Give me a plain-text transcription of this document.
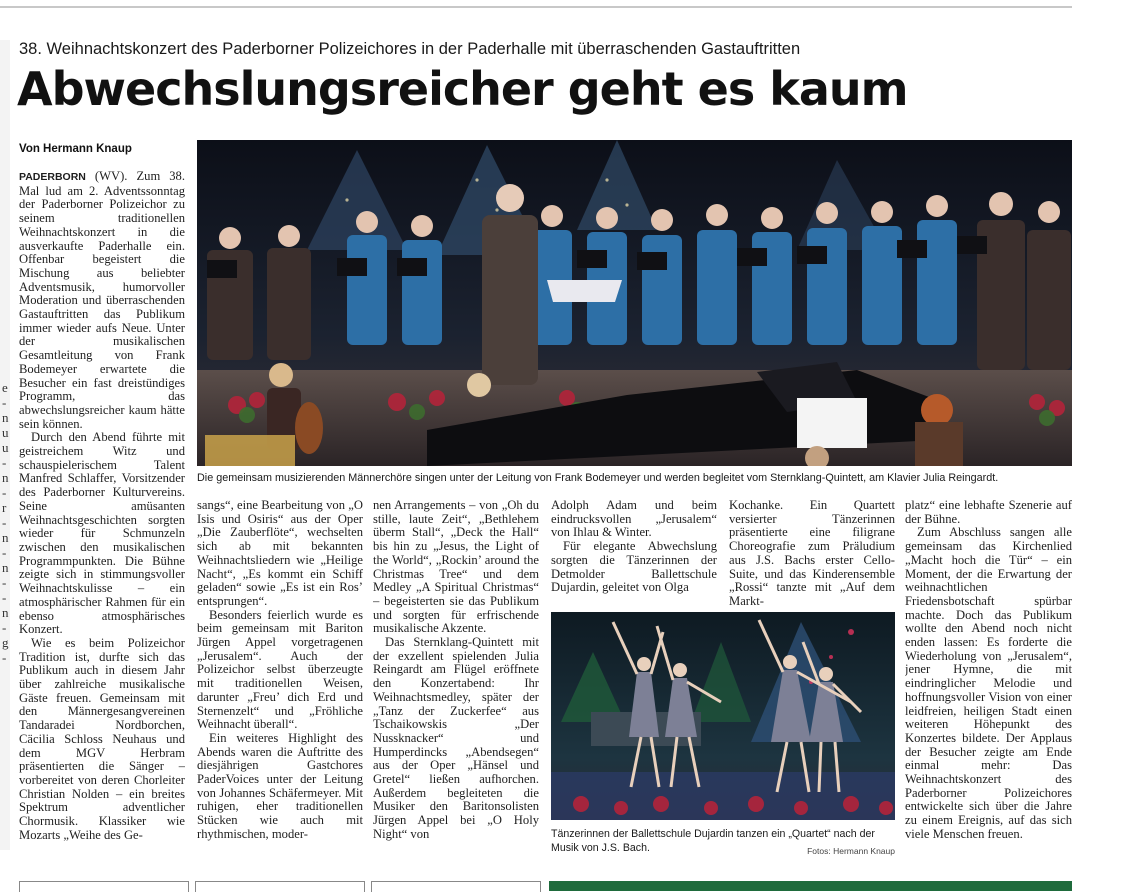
e-nuu-n-r-n-n--n-g-
38. Weihnachtskonzert des Paderborner Polizeichores in der Paderhalle mit überraschenden Gastauftritten
Abwechslungsreicher geht es kaum
Von Hermann Knaup

PADERBORN (WV). Zum 38. Mal lud am 2. Adventssonntag der Paderborner Polizeichor zu seinem traditionellen Weihnachtskonzert in die ausverkaufte Paderhalle ein. Offenbar begeistert die Mischung aus beliebter Adventsmusik, humorvoller Moderation und überraschenden Gastauftritten das Publikum immer wieder aufs Neue. Unter der musikalischen Gesamtleitung von Frank Bodemeyer erwartete die Besucher ein fast dreistündiges Programm, das abwechslungsreicher kaum hätte sein können.

Durch den Abend führte mit geistreichem Witz und schauspielerischem Talent Manfred Schlaffer, Vorsitzender des Paderborner Kulturvereins. Seine amüsanten Weihnachtsgeschichten sorgten wieder für Schmunzeln zwischen den musikalischen Programmpunkten. Die Bühne zeigte sich in stimmungsvoller Weihnachtskulisse – ein atmosphärischer Rahmen für ein ebenso atmosphärisches Konzert.

Wie es beim Polizeichor Tradition ist, durfte sich das Publikum auch in diesem Jahr über zahlreiche musikalische Gäste freuen. Gemeinsam mit den Männergesangvereinen Tandaradei Nordborchen, Cäcilia Schloss Neuhaus und dem MGV Herbram präsentierten die Sänger – vorbereitet von deren Chorleiter Christian Nolden – ein breites Spektrum adventlicher Chormusik. Klassiker wie Mozarts „Weihe des Ge-

Die gemeinsam musizierenden Männerchöre singen unter der Leitung von Frank Bodemeyer und werden begleitet vom Sternklang-Quintett, am Klavier Julia Reingardt.

sangs“, eine Bearbeitung von „O Isis und Osiris“ aus der Oper „Die Zauberflöte“, wechselten sich ab mit bekannten Weihnachtsliedern wie „Heilige Nacht“, „Es kommt ein Schiff geladen“ sowie „Es ist ein Ros’ entsprungen“.

Besonders feierlich wurde es beim gemeinsam mit Bariton Jürgen Appel vorgetragenen „Jerusalem“. Auch der Polizeichor selbst überzeugte mit traditionellen Weisen, darunter „Freu’ dich Erd und Sternenzelt“ und „Fröhliche Weihnacht überall“.

Ein weiteres Highlight des Abends waren die Auftritte des diesjährigen Gastchores PaderVoices unter der Leitung von Johannes Schäfermeyer. Mit ruhigen, eher traditionellen Stücken wie auch mit rhythmischen, moder-

nen Arrangements – von „Oh du stille, laute Zeit“, „Bethlehem überm Stall“, „Deck the Hall“ bis hin zu „Jesus, the Light of the World“, „Rockin’ around the Christmas Tree“ und dem Medley „A Spiritual Christmas“ – begeisterten sie das Publikum und sorgten für erfrischende musikalische Akzente.

Das Sternklang-Quintett mit der exzellent spielenden Julia Reingardt am Flügel eröffnete den Konzertabend: Ihr Weihnachtsmedley, später der „Tanz der Zuckerfee“ aus Tschaikowskis „Der Nussknacker“ und Humperdincks „Abendsegen“ aus der Oper „Hänsel und Gretel“ ließen aufhorchen. Außerdem begleiteten die Musiker den Baritonsolisten Jürgen Appel bei „O Holy Night“ von

Adolph Adam und beim eindrucksvollen „Jerusalem“ von Ihlau & Winter.

Für elegante Abwechslung sorgten die Tänzerinnen der Detmolder Ballettschule Dujardin, geleitet von Olga

Kochanke. Ein Quartett versierter Tänzerinnen präsentierte eine filigrane Choreografie zum Präludium aus J.S. Bachs erster Cello-Suite, und das Kinderensemble „Rossi“ tanzte mit „Auf dem Markt-

Tänzerinnen der Ballettschule Dujardin tanzen ein „Quartet“ nach der Musik von J.S. Bach.	Fotos: Hermann Knaup

platz“ eine lebhafte Szenerie auf der Bühne.

Zum Abschluss sangen alle gemeinsam das Kirchenlied „Macht hoch die Tür“ – ein Moment, der die Erwartung der weihnachtlichen Friedensbotschaft spürbar machte. Doch das Publikum wollte den Abend noch nicht enden lassen: Es forderte die Wiederholung von „Jerusalem“, jener Hymne, die mit eindringlicher Melodie und hoffnungsvoller Vision von einer leidfreien, heiligen Stadt einen weiteren Höhepunkt des Konzertes bildete. Der Applaus der Besucher zeigte am Ende einmal mehr: Das Weihnachtskonzert des Paderborner Polizeichores entwickelte sich über die Jahre zu einem Ereignis, auf das sich viele Menschen freuen.
